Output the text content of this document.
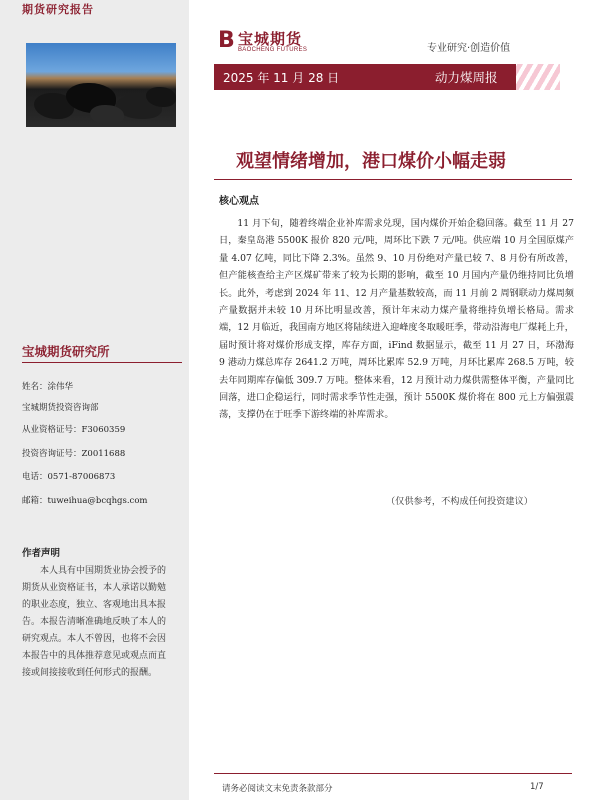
期货研究报告
宝城期货研究所
姓名：涂伟华
宝城期货投资咨询部
从业资格证号：F3060359
投资咨询证号：Z0011688
电话：0571-87006873
邮箱：tuweihua@bcqhgs.com
作者声明
本人具有中国期货业协会授予的期货从业资格证书，本人承诺以勤勉的职业态度，独立、客观地出具本报告。本报告清晰准确地反映了本人的研究观点。本人不曾因，也将不会因本报告中的具体推荐意见或观点而直接或间接接收到任何形式的报酬。
B 宝城期货
BAOCHENG FUTURES	专业研究·创造价值
2025 年 11 月 28 日	动力煤周报
观望情绪增加，港口煤价小幅走弱
核心观点
11 月下旬，随着终端企业补库需求兑现，国内煤价开始企稳回落。截至 11 月 27 日，秦皇岛港 5500K 报价 820 元/吨，周环比下跌 7 元/吨。供应端 10 月全国原煤产量 4.07 亿吨，同比下降 2.3%。虽然 9、10 月份绝对产量已较 7、8 月份有所改善，但产能核查给主产区煤矿带来了较为长期的影响，截至 10 月国内产量仍维持同比负增长。此外，考虑到 2024 年 11、12 月产量基数较高，而 11 月前 2 周钢联动力煤周频产量数据并未较 10 月环比明显改善，预计年末动力煤产量将维持负增长格局。需求端，12 月临近，我国南方地区将陆续进入迎峰度冬取暖旺季，带动沿海电厂煤耗上升，届时预计将对煤价形成支撑，库存方面，iFind 数据显示，截至 11 月 27 日，环渤海 9 港动力煤总库存 2641.2 万吨，周环比累库 52.9 万吨，月环比累库 268.5 万吨，较去年同期库存偏低 309.7 万吨。整体来看，12 月预计动力煤供需整体平衡，产量同比回落，进口企稳运行，同时需求季节性走强，预计 5500K 煤价将在 800 元上方偏强震荡，支撑仍在于旺季下游终端的补库需求。
（仅供参考，不构成任何投资建议）
请务必阅读文末免责条款部分	1/7
